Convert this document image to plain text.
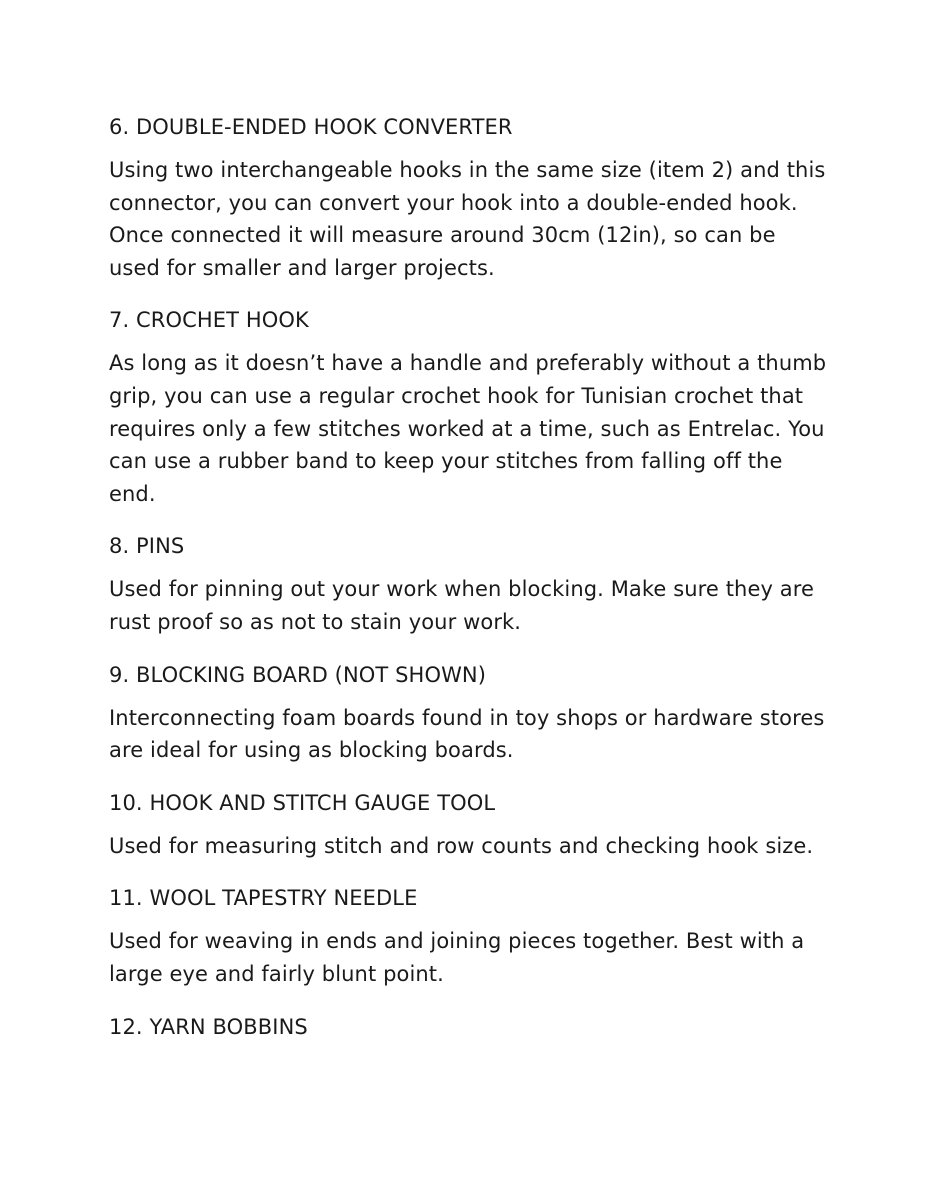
6. DOUBLE-ENDED HOOK CONVERTER

Using two interchangeable hooks in the same size (item 2) and this connector, you can convert your hook into a double-ended hook. Once connected it will measure around 30cm (12in), so can be used for smaller and larger projects.

7. CROCHET HOOK

As long as it doesn’t have a handle and preferably without a thumb grip, you can use a regular crochet hook for Tunisian crochet that requires only a few stitches worked at a time, such as Entrelac. You can use a rubber band to keep your stitches from falling off the end.

8. PINS

Used for pinning out your work when blocking. Make sure they are rust proof so as not to stain your work.

9. BLOCKING BOARD (NOT SHOWN)

Interconnecting foam boards found in toy shops or hardware stores are ideal for using as blocking boards.

10. HOOK AND STITCH GAUGE TOOL

Used for measuring stitch and row counts and checking hook size.

11. WOOL TAPESTRY NEEDLE

Used for weaving in ends and joining pieces together. Best with a large eye and fairly blunt point.

12. YARN BOBBINS
